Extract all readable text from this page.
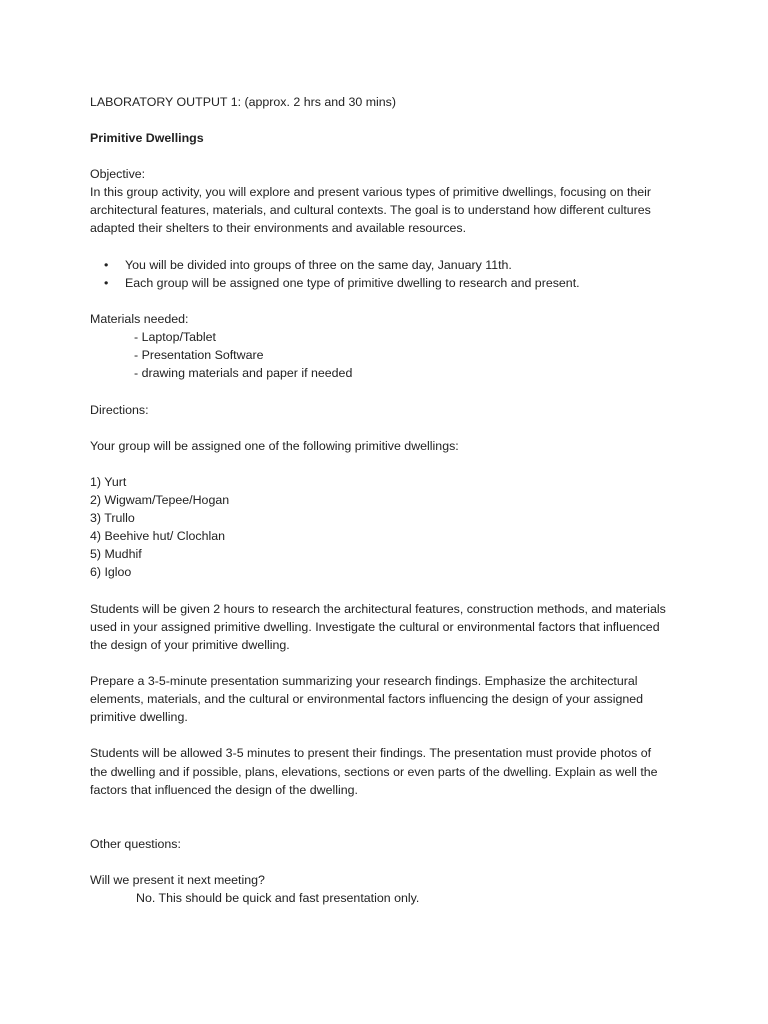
LABORATORY OUTPUT 1: (approx. 2 hrs and 30 mins)
Primitive Dwellings
Objective:
In this group activity, you will explore and present various types of primitive dwellings, focusing on their
architectural features, materials, and cultural contexts. The goal is to understand how different cultures
adapted their shelters to their environments and available resources.
• You will be divided into groups of three on the same day, January 11th.
• Each group will be assigned one type of primitive dwelling to research and present.
Materials needed:
- Laptop/Tablet
- Presentation Software
- drawing materials and paper if needed
Directions:
Your group will be assigned one of the following primitive dwellings:
1) Yurt
2) Wigwam/Tepee/Hogan
3) Trullo
4) Beehive hut/ Clochlan
5) Mudhif
6) Igloo
Students will be given 2 hours to research the architectural features, construction methods, and materials
used in your assigned primitive dwelling. Investigate the cultural or environmental factors that influenced
the design of your primitive dwelling.
Prepare a 3-5-minute presentation summarizing your research findings. Emphasize the architectural
elements, materials, and the cultural or environmental factors influencing the design of your assigned
primitive dwelling.
Students will be allowed 3-5 minutes to present their findings. The presentation must provide photos of
the dwelling and if possible, plans, elevations, sections or even parts of the dwelling. Explain as well the
factors that influenced the design of the dwelling.
Other questions:
Will we present it next meeting?
No. This should be quick and fast presentation only.
